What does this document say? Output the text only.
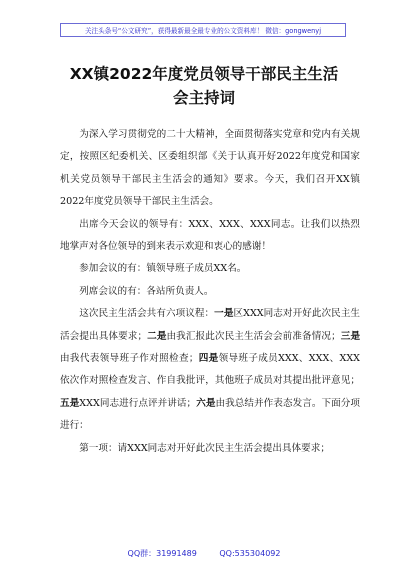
关注头条号“公文研究”，获得最新最全最专业的公文资料库！ 微信：gongwenyj
XX镇2022年度党员领导干部民主生活
会主持词

为深入学习贯彻党的二十大精神，全面贯彻落实党章和党内有关规定，按照区纪委机关、区委组织部《关于认真开好2022年度党和国家机关党员领导干部民主生活会的通知》要求。今天，我们召开XX镇2022年度党员领导干部民主生活会。

出席今天会议的领导有：XXX、XXX、XXX同志。让我们以热烈地掌声对各位领导的到来表示欢迎和衷心的感谢！

参加会议的有：镇领导班子成员XX名。

列席会议的有：各站所负责人。

这次民主生活会共有六项议程：一是区XXX同志对开好此次民主生活会提出具体要求；二是由我汇报此次民主生活会会前准备情况；三是由我代表领导班子作对照检查；四是领导班子成员XXX、XXX、XXX依次作对照检查发言、作自我批评，其他班子成员对其提出批评意见；五是XXX同志进行点评并讲话；六是由我总结并作表态发言。下面分项进行：

第一项：请XXX同志对开好此次民主生活会提出具体要求；

QQ群：31991489	QQ:535304092
